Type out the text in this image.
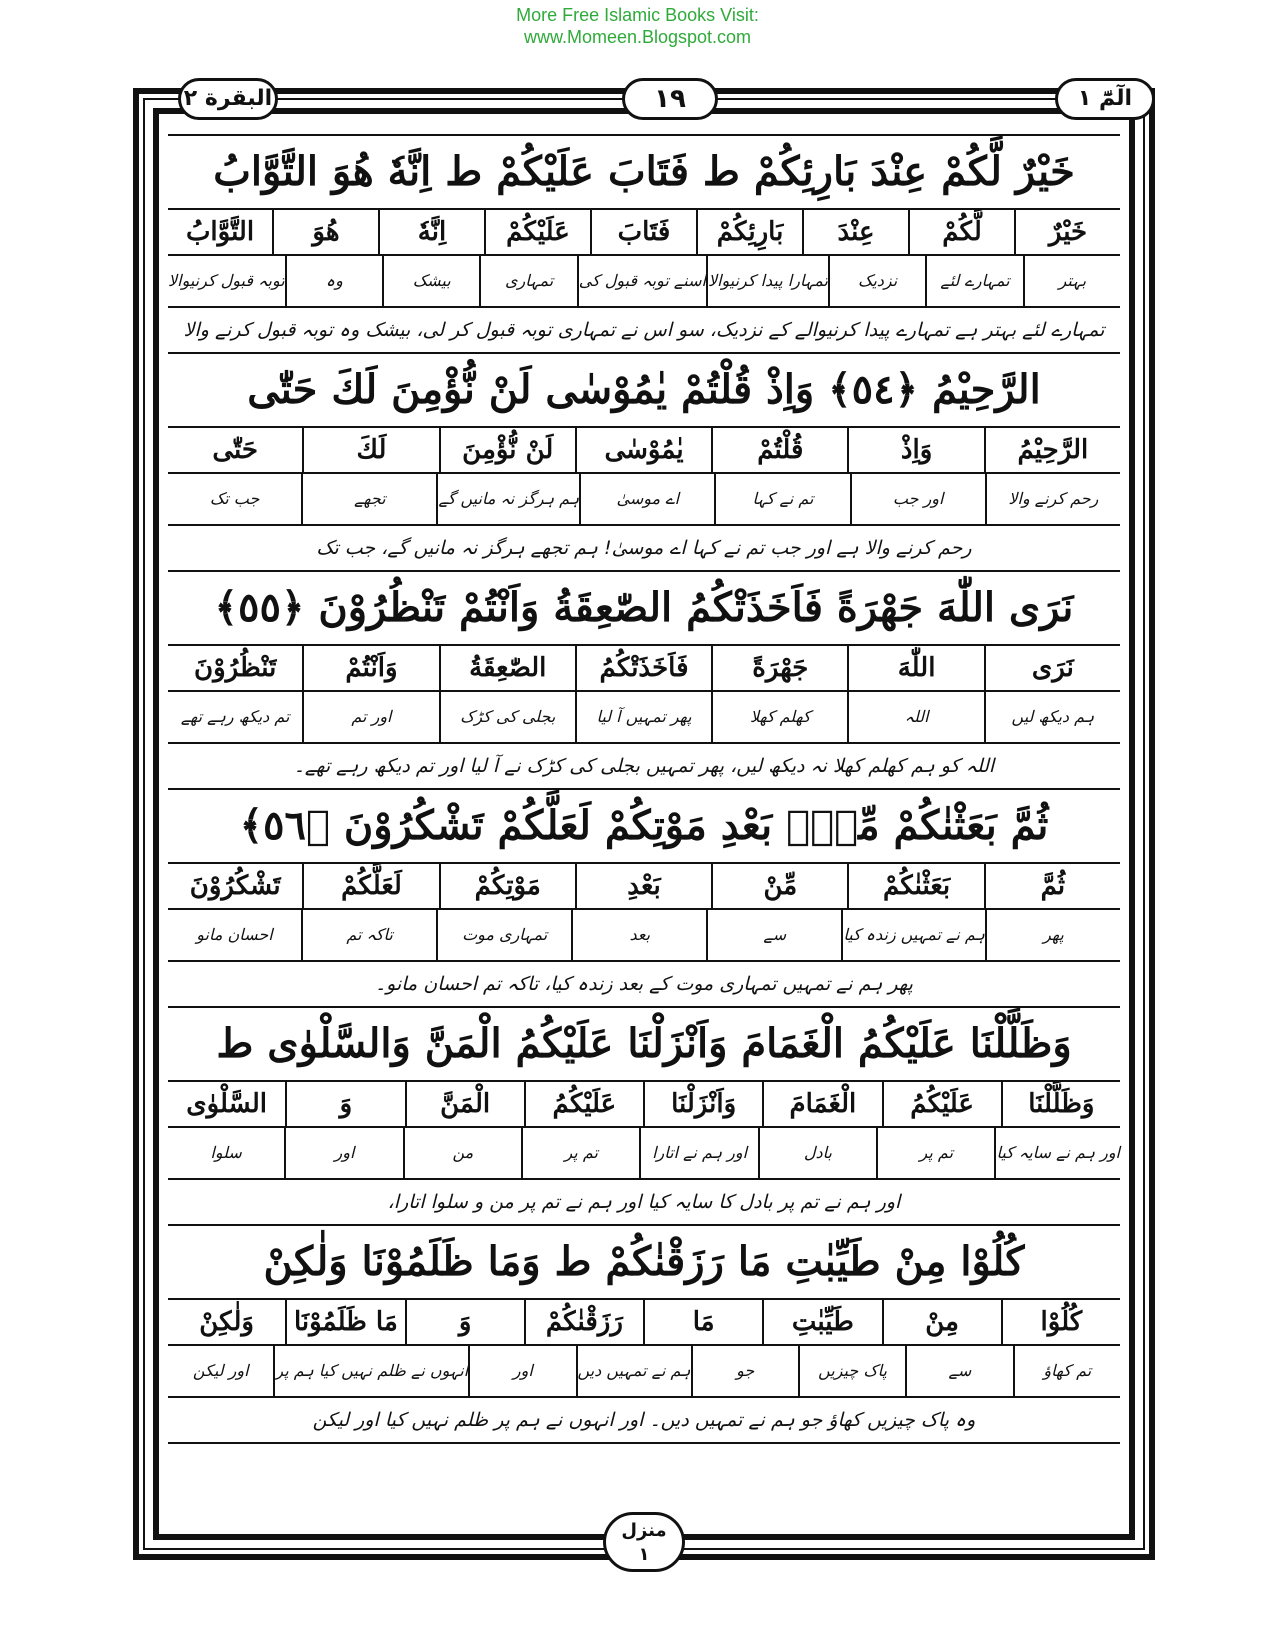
More Free Islamic Books Visit:
www.Momeen.Blogspot.com
البقرة ٢	١٩	الٓمّٓ ١
خَيْرٌ لَّكُمْ عِنْدَ بَارِئِكُمْ ط فَتَابَ عَلَيْكُمْ ط اِنَّهٗ هُوَ التَّوَّابُ
خَيْرٌ
لَّكُمْ
عِنْدَ
بَارِئِكُمْ
فَتَابَ
عَلَيْكُمْ
اِنَّهٗ
هُوَ
التَّوَّابُ
بہتر
تمہارے لئے
نزدیک
تمہارا پیدا کرنیوالا
اسنے توبہ قبول کی
تمہاری
بیشک
وہ
توبہ قبول کرنیوالا
تمہارے لئے بہتر ہے تمہارے پیدا کرنیوالے کے نزدیک، سو اس نے تمہاری توبہ قبول کر لی، بیشک وہ توبہ قبول کرنے والا
الرَّحِيْمُ ﴿٥٤﴾ وَاِذْ قُلْتُمْ يٰمُوْسٰى لَنْ نُّؤْمِنَ لَكَ حَتّٰى
الرَّحِيْمُ
وَاِذْ
قُلْتُمْ
يٰمُوْسٰى
لَنْ نُّؤْمِنَ
لَكَ
حَتّٰى
رحم کرنے والا
اور جب
تم نے کہا
اے موسیٰ
ہم ہرگز نہ مانیں گے
تجھے
جب تک
رحم کرنے والا ہے اور جب تم نے کہا اے موسیٰ! ہم تجھے ہرگز نہ مانیں گے، جب تک
نَرَى اللّٰهَ جَهْرَةً فَاَخَذَتْكُمُ الصّٰعِقَةُ وَاَنْتُمْ تَنْظُرُوْنَ ﴿٥٥﴾
نَرَى
اللّٰهَ
جَهْرَةً
فَاَخَذَتْكُمُ
الصّٰعِقَةُ
وَاَنْتُمْ
تَنْظُرُوْنَ
ہم دیکھ لیں
اللہ
کھلم کھلا
پھر تمہیں آ لیا
بجلی کی کڑک
اور تم
تم دیکھ رہے تھے
اللہ کو ہم کھلم کھلا نہ دیکھ لیں، پھر تمہیں بجلی کی کڑک نے آ لیا اور تم دیکھ رہے تھے۔
ثُمَّ بَعَثْنٰكُمْ مِّنْۢ بَعْدِ مَوْتِكُمْ لَعَلَّكُمْ تَشْكُرُوْنَ ﴿٥٦﴾
ثُمَّ
بَعَثْنٰكُمْ
مِّنْ
بَعْدِ
مَوْتِكُمْ
لَعَلَّكُمْ
تَشْكُرُوْنَ
پھر
ہم نے تمہیں زندہ کیا
سے
بعد
تمہاری موت
تاکہ تم
احسان مانو
پھر ہم نے تمہیں تمہاری موت کے بعد زندہ کیا، تاکہ تم احسان مانو۔
وَظَلَّلْنَا عَلَيْكُمُ الْغَمَامَ وَاَنْزَلْنَا عَلَيْكُمُ الْمَنَّ وَالسَّلْوٰى ط
وَظَلَّلْنَا
عَلَيْكُمُ
الْغَمَامَ
وَاَنْزَلْنَا
عَلَيْكُمُ
الْمَنَّ
وَ
السَّلْوٰى
اور ہم نے سایہ کیا
تم پر
بادل
اور ہم نے اتارا
تم پر
من
اور
سلوا
اور ہم نے تم پر بادل کا سایہ کیا اور ہم نے تم پر من و سلوا اتارا،
كُلُوْا مِنْ طَيِّبٰتِ مَا رَزَقْنٰكُمْ ط وَمَا ظَلَمُوْنَا وَلٰكِنْ
كُلُوْا
مِنْ
طَيِّبٰتِ
مَا
رَزَقْنٰكُمْ
وَ
مَا ظَلَمُوْنَا
وَلٰكِنْ
تم کھاؤ
سے
پاک چیزیں
جو
ہم نے تمہیں دیں
اور
انہوں نے ظلم نہیں کیا ہم پر
اور لیکن
وہ پاک چیزیں کھاؤ جو ہم نے تمہیں دیں۔ اور انہوں نے ہم پر ظلم نہیں کیا اور لیکن
منزل
١
